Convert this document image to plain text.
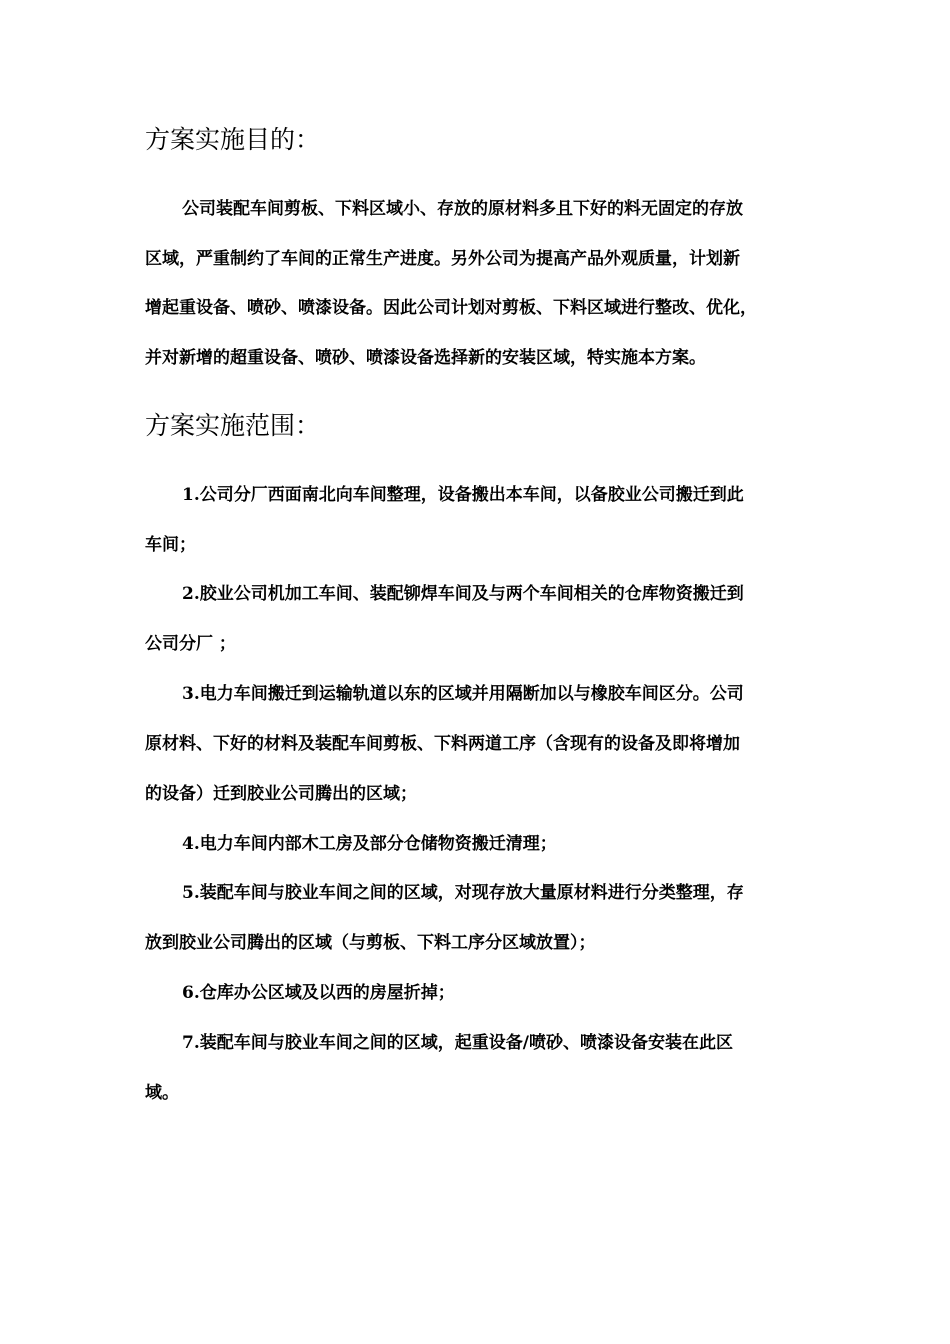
方案实施目的：
公司装配车间剪板、下料区域小、存放的原材料多且下好的料无固定的存放
区域，严重制约了车间的正常生产进度。另外公司为提高产品外观质量，计划新
增起重设备、喷砂、喷漆设备。因此公司计划对剪板、下料区域进行整改、优化，
并对新增的超重设备、喷砂、喷漆设备选择新的安装区域，特实施本方案。
方案实施范围：
1.公司分厂西面南北向车间整理，设备搬出本车间，以备胶业公司搬迁到此
车间；
2.胶业公司机加工车间、装配铆焊车间及与两个车间相关的仓库物资搬迁到
公司分厂 ；
3.电力车间搬迁到运输轨道以东的区域并用隔断加以与橡胶车间区分。公司
原材料、下好的材料及装配车间剪板、下料两道工序（含现有的设备及即将增加
的设备）迁到胶业公司腾出的区域；
4.电力车间内部木工房及部分仓储物资搬迁清理；
5.装配车间与胶业车间之间的区域，对现存放大量原材料进行分类整理，存
放到胶业公司腾出的区域（与剪板、下料工序分区域放置）；
6.仓库办公区域及以西的房屋折掉；
7.装配车间与胶业车间之间的区域，起重设备/喷砂、喷漆设备安装在此区
域。
